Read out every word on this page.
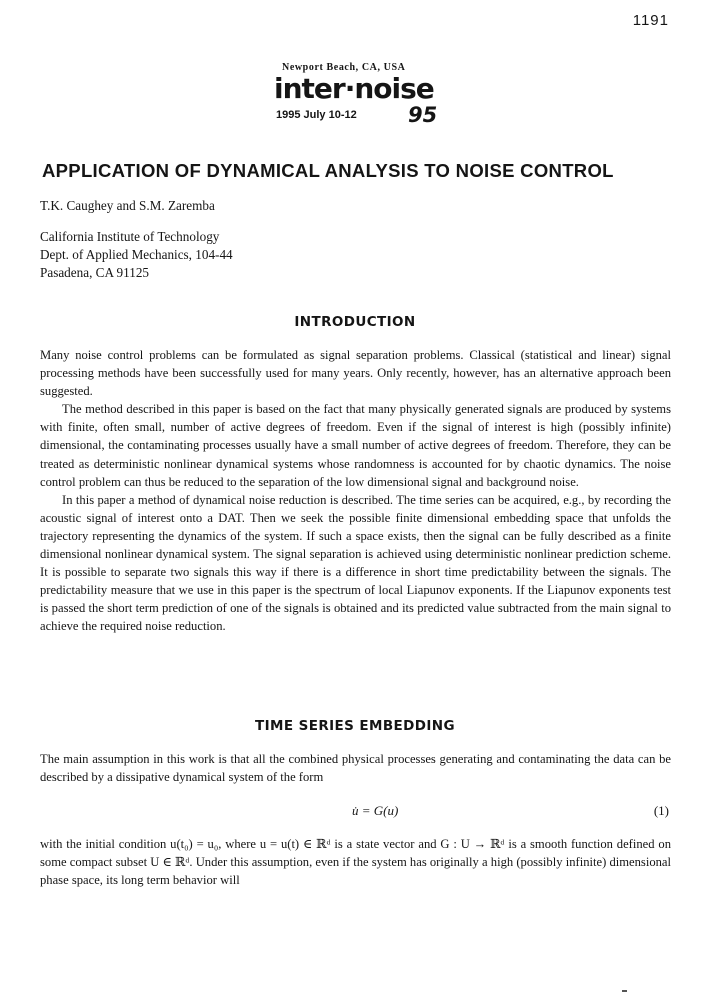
1191
Newport Beach, CA, USA
inter·noise
1995 July 10-12 95
APPLICATION OF DYNAMICAL ANALYSIS TO NOISE CONTROL
T.K. Caughey and S.M. Zaremba
California Institute of Technology
Dept. of Applied Mechanics, 104-44
Pasadena, CA 91125
INTRODUCTION

Many noise control problems can be formulated as signal separation problems. Classical (statistical and linear) signal processing methods have been successfully used for many years. Only recently, however, has an alternative approach been suggested.

The method described in this paper is based on the fact that many physically generated signals are produced by systems with finite, often small, number of active degrees of freedom. Even if the signal of interest is high (possibly infinite) dimensional, the contaminating processes usually have a small number of active degrees of freedom. Therefore, they can be treated as deterministic nonlinear dynamical systems whose randomness is accounted for by chaotic dynamics. The noise control problem can thus be reduced to the separation of the low dimensional signal and background noise.

In this paper a method of dynamical noise reduction is described. The time series can be acquired, e.g., by recording the acoustic signal of interest onto a DAT. Then we seek the possible finite dimensional embedding space that unfolds the trajectory representing the dynamics of the system. If such a space exists, then the signal can be fully described as a finite dimensional nonlinear dynamical system. The signal separation is achieved using deterministic nonlinear prediction scheme. It is possible to separate two signals this way if there is a difference in short time predictability between the signals. The predictability measure that we use in this paper is the spectrum of local Liapunov exponents. If the Liapunov exponents test is passed the short term prediction of one of the signals is obtained and its predicted value subtracted from the main signal to achieve the required noise reduction.

TIME SERIES EMBEDDING

The main assumption in this work is that all the combined physical processes generating and contaminating the data can be described by a dissipative dynamical system of the form

u̇ = G(u)	(1)

with the initial condition u(t₀) = u₀, where u = u(t) ∈ ℝᵈ is a state vector and G : U → ℝᵈ is a smooth function defined on some compact subset U ∈ ℝᵈ. Under this assumption, even if the system has originally a high (possibly infinite) dimensional phase space, its long term behavior will
